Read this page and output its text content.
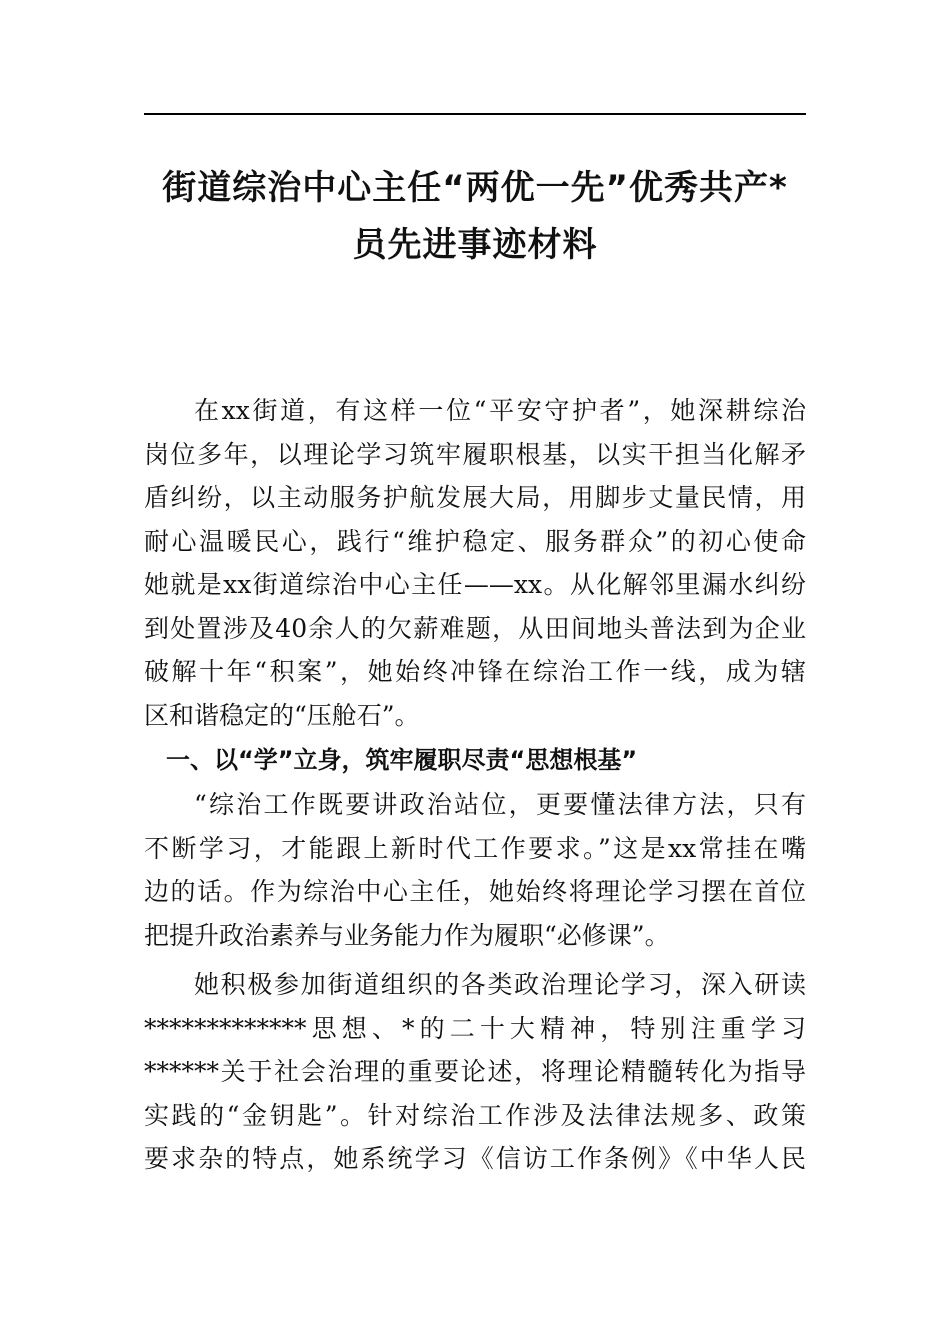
街道综治中心主任“两优一先”优秀共产*
员先进事迹材料
在xx街道，有这样一位“平安守护者”，她深耕综治
岗位多年，以理论学习筑牢履职根基，以实干担当化解矛
盾纠纷，以主动服务护航发展大局，用脚步丈量民情，用
耐心温暖民心，践行“维护稳定、服务群众”的初心使命
她就是xx街道综治中心主任——xx。从化解邻里漏水纠纷
到处置涉及40余人的欠薪难题，从田间地头普法到为企业
破解十年“积案”，她始终冲锋在综治工作一线，成为辖
区和谐稳定的“压舱石”。
一、以“学”立身，筑牢履职尽责“思想根基”
“综治工作既要讲政治站位，更要懂法律方法，只有
不断学习，才能跟上新时代工作要求。”这是xx常挂在嘴
边的话。作为综治中心主任，她始终将理论学习摆在首位
把提升政治素养与业务能力作为履职“必修课”。
她积极参加街道组织的各类政治理论学习，深入研读
*************思想、*的二十大精神，特别注重学习
******关于社会治理的重要论述，将理论精髓转化为指导
实践的“金钥匙”。针对综治工作涉及法律法规多、政策
要求杂的特点，她系统学习《信访工作条例》《中华人民
